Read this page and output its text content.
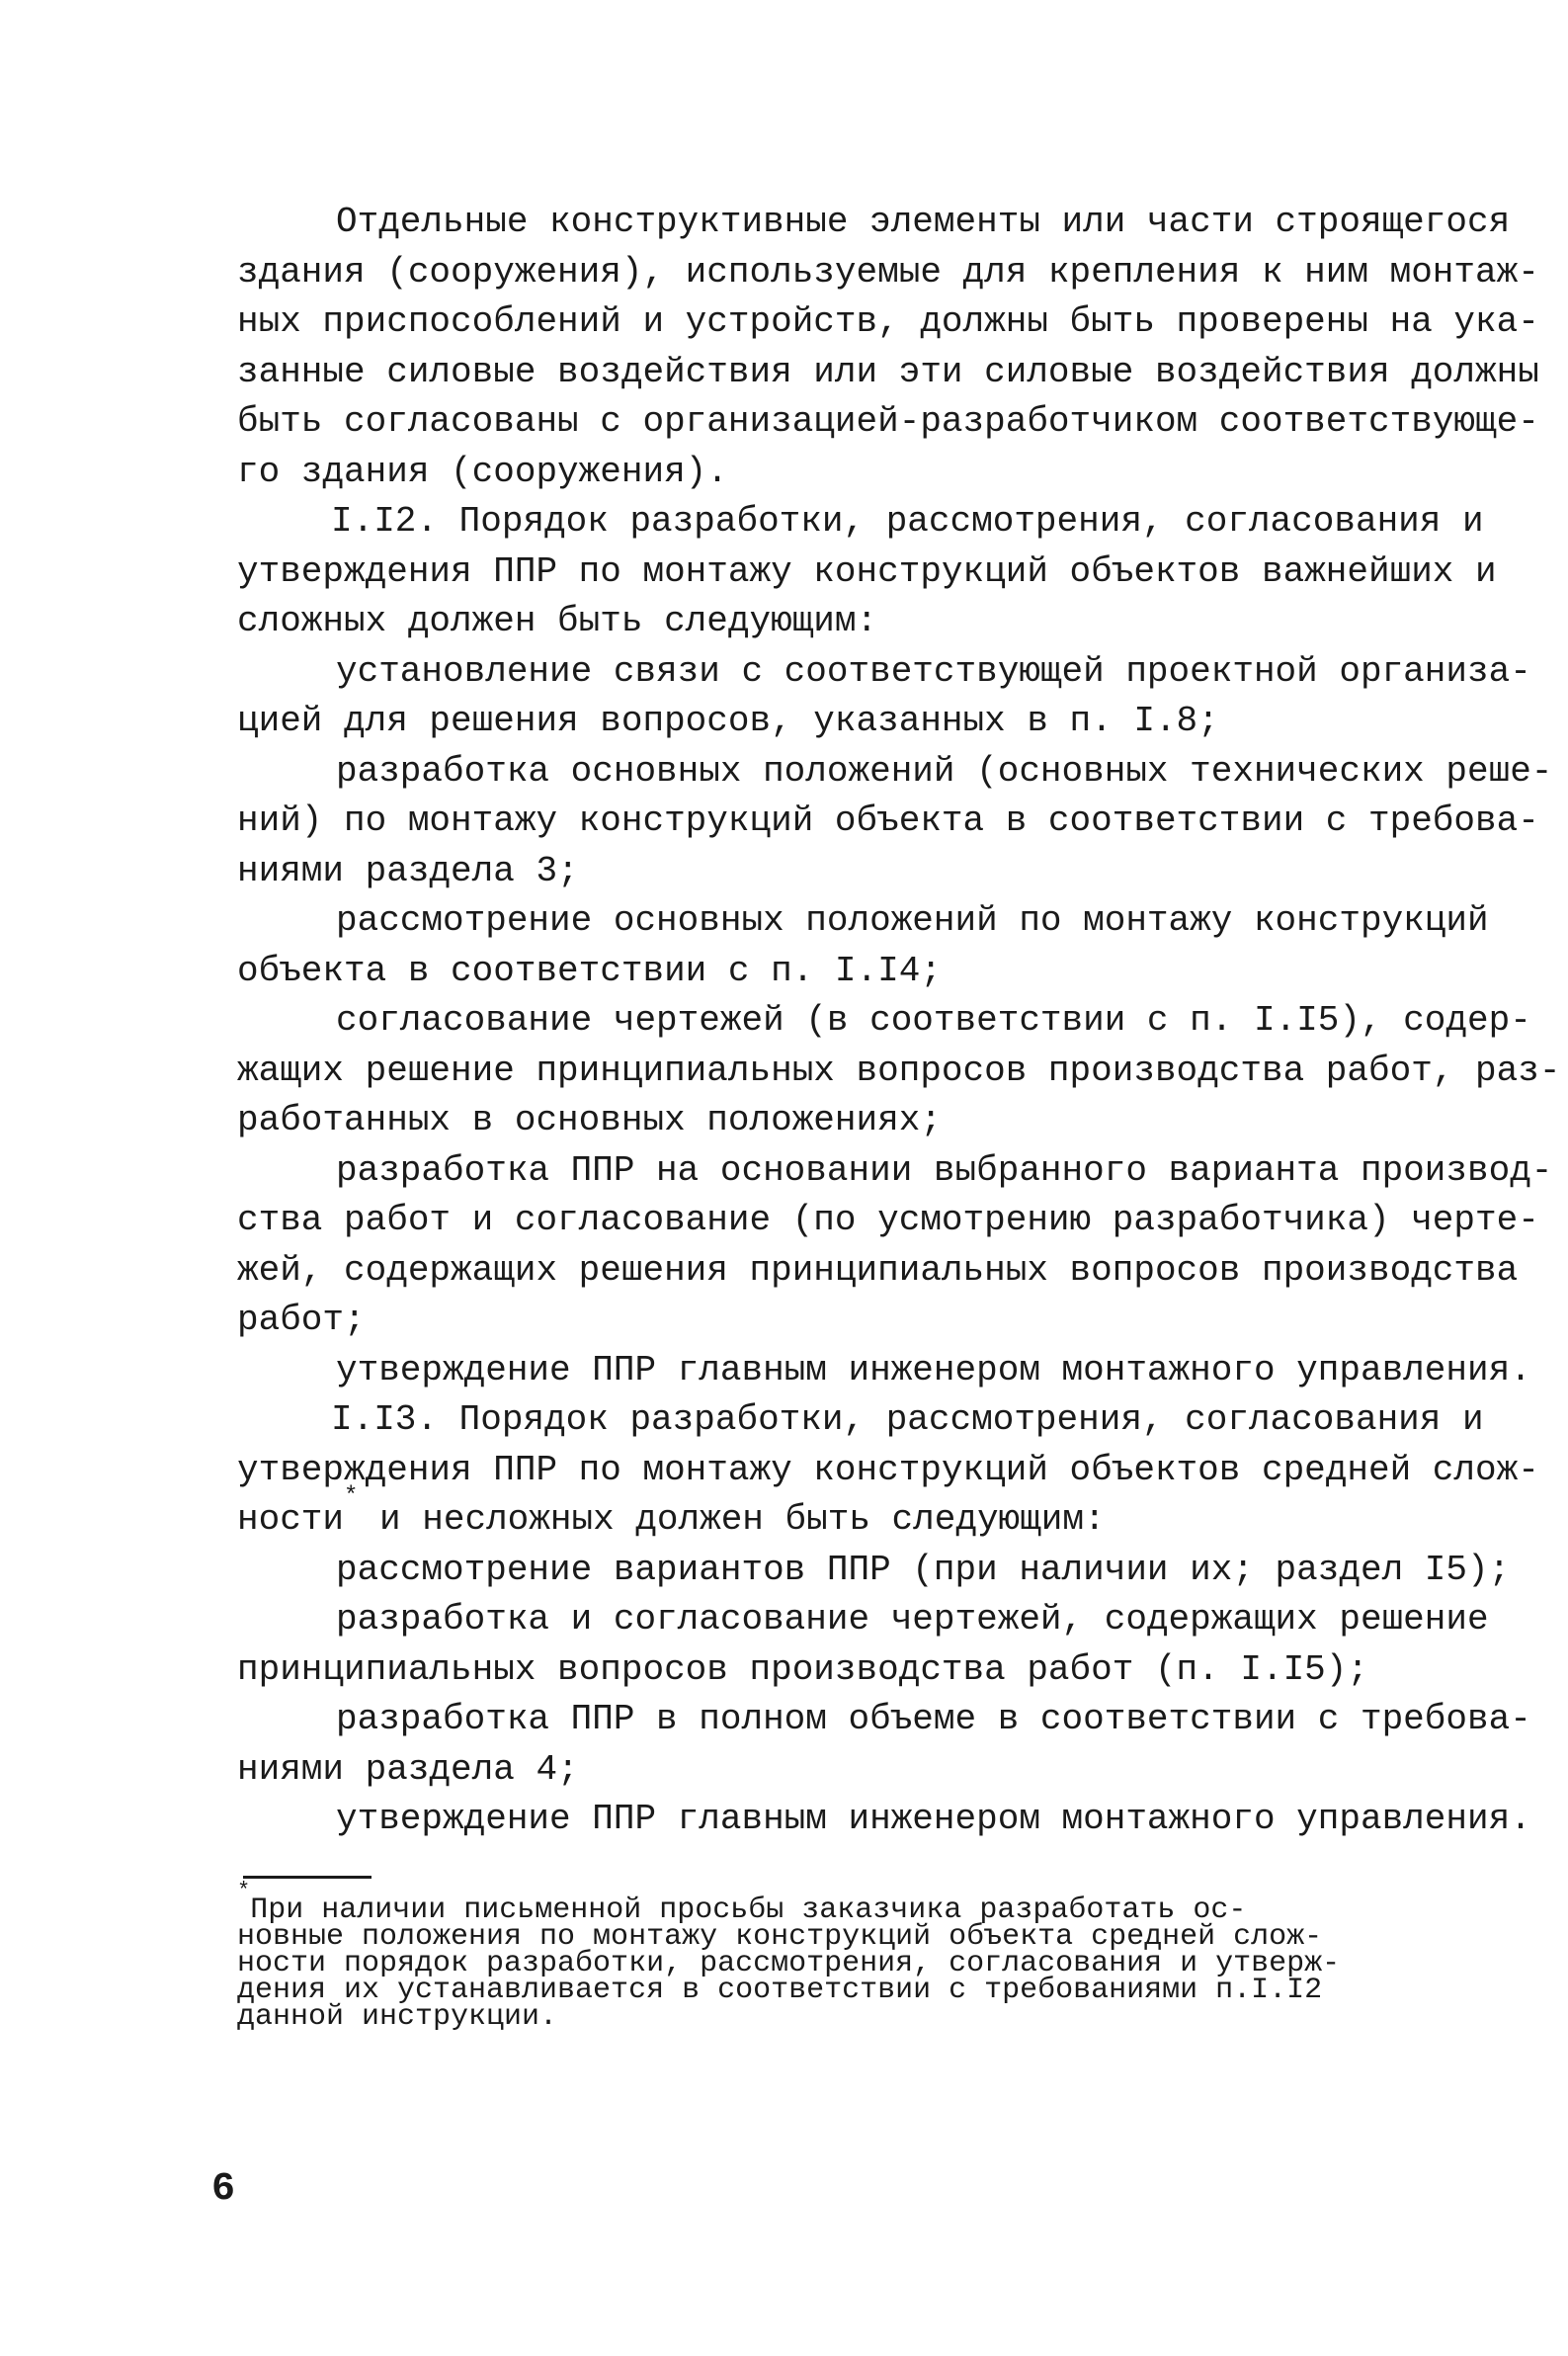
Отдельные конструктивные элементы или части строящегося
здания (сооружения), используемые для крепления к ним монтаж-
ных приспособлений и устройств, должны быть проверены на ука-
занные силовые воздействия или эти силовые воздействия должны
быть согласованы с организацией-разработчиком соответствующе-
го здания (сооружения).
I.I2. Порядок разработки, рассмотрения, согласования и
утверждения ППР по монтажу конструкций объектов важнейших и
сложных должен быть следующим:
установление связи с соответствующей проектной организа-
цией для решения вопросов, указанных в п. I.8;
разработка основных положений (основных технических реше-
ний) по монтажу конструкций объекта в соответствии с требова-
ниями раздела 3;
рассмотрение основных положений по монтажу конструкций
объекта в соответствии с п. I.I4;
согласование чертежей (в соответствии с п. I.I5), содер-
жащих решение принципиальных вопросов производства работ, раз-
работанных в основных положениях;
разработка ППР на основании выбранного варианта производ-
ства работ и согласование (по усмотрению разработчика) черте-
жей, содержащих решения принципиальных вопросов производства
работ;
утверждение ППР главным инженером монтажного управления.
I.I3. Порядок разработки, рассмотрения, согласования и
утверждения ППР по монтажу конструкций объектов средней слож-
ности* и несложных должен быть следующим:
рассмотрение вариантов ППР (при наличии их; раздел I5);
разработка и согласование чертежей, содержащих решение
принципиальных вопросов производства работ (п. I.I5);
разработка ППР в полном объеме в соответствии с требова-
ниями раздела 4;
утверждение ППР главным инженером монтажного управления.
*При наличии письменной просьбы заказчика разработать ос-
новные положения по монтажу конструкций объекта средней слож-
ности порядок разработки, рассмотрения, согласования и утверж-
дения их устанавливается в соответствии с требованиями п.I.I2
данной инструкции.
6
